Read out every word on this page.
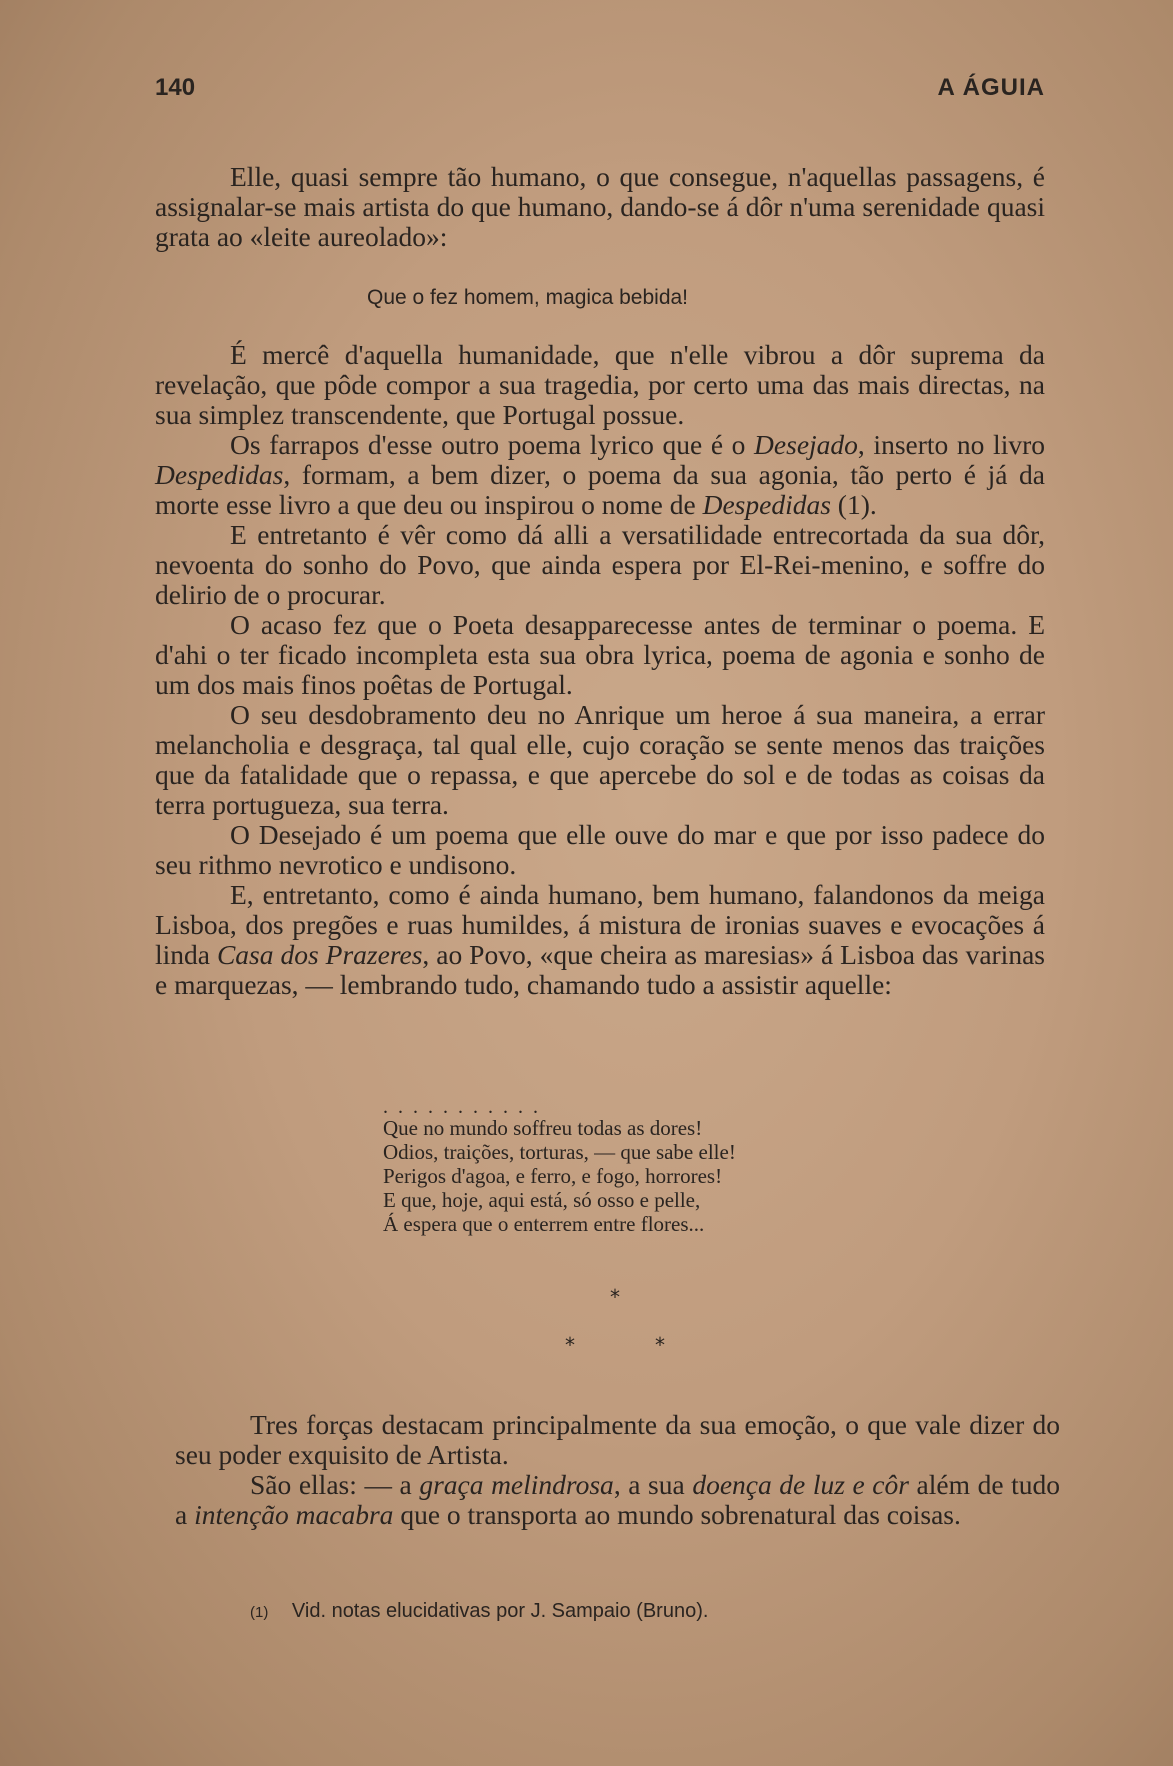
140	A ÁGUIA

Elle, quasi sempre tão humano, o que consegue, n'aquellas passagens, é assignalar-se mais artista do que humano, dando-se á dôr n'uma serenidade quasi grata ao «leite aureolado»:

Que o fez homem, magica bebida!

É mercê d'aquella humanidade, que n'elle vibrou a dôr suprema da revelação, que pôde compor a sua tragedia, por certo uma das mais directas, na sua simplez transcendente, que Portugal possue.

Os farrapos d'esse outro poema lyrico que é o Desejado, inserto no livro Despedidas, formam, a bem dizer, o poema da sua agonia, tão perto é já da morte esse livro a que deu ou inspirou o nome de Despedidas (1).

E entretanto é vêr como dá alli a versatilidade entrecortada da sua dôr, nevoenta do sonho do Povo, que ainda espera por El-Rei-menino, e soffre do delirio de o procurar.

O acaso fez que o Poeta desapparecesse antes de terminar o poema. E d'ahi o ter ficado incompleta esta sua obra lyrica, poema de agonia e sonho de um dos mais finos poêtas de Portugal.

O seu desdobramento deu no Anrique um heroe á sua maneira, a errar melancholia e desgraça, tal qual elle, cujo coração se sente menos das traições que da fatalidade que o repassa, e que apercebe do sol e de todas as coisas da terra portugueza, sua terra.

O Desejado é um poema que elle ouve do mar e que por isso padece do seu rithmo nevrotico e undisono.

E, entretanto, como é ainda humano, bem humano, falandonos da meiga Lisboa, dos pregões e ruas humildes, á mistura de ironias suaves e evocações á linda Casa dos Prazeres, ao Povo, «que cheira as maresias» á Lisboa das varinas e marquezas, — lembrando tudo, chamando tudo a assistir aquelle:

...........
Que no mundo soffreu todas as dores!
Odios, traições, torturas, — que sabe elle!
Perigos d'agoa, e ferro, e fogo, horrores!
E que, hoje, aqui está, só osso e pelle,
Á espera que o enterrem entre flores...
*
*	*

Tres forças destacam principalmente da sua emoção, o que vale dizer do seu poder exquisito de Artista.

São ellas: — a graça melindrosa, a sua doença de luz e côr além de tudo a intenção macabra que o transporta ao mundo sobrenatural das coisas.

(1) Vid. notas elucidativas por J. Sampaio (Bruno).
